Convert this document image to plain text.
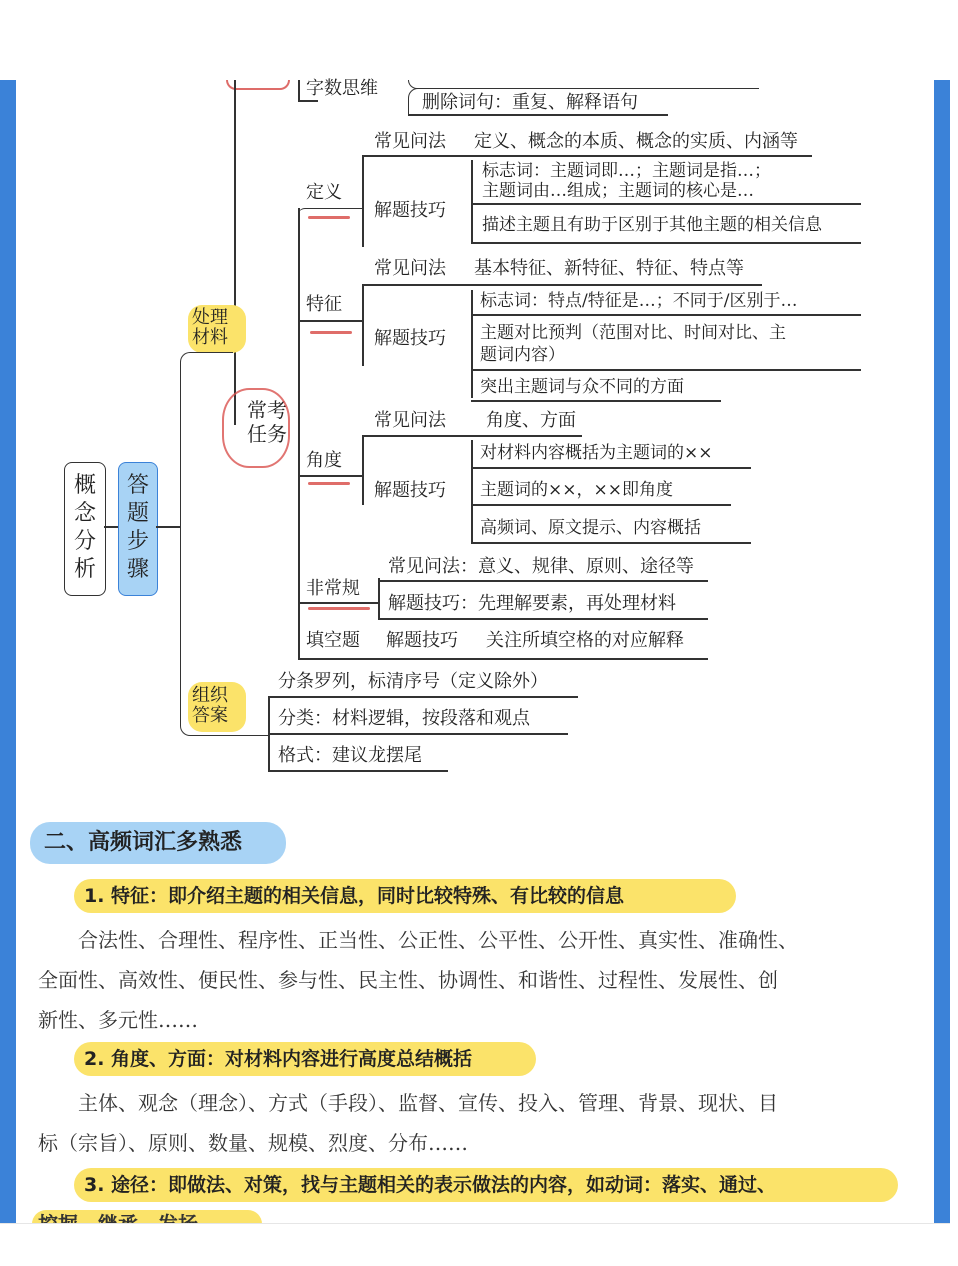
字数思维
删除词句：重复、解释语句
定义
常见问法 定义、概念的本质、概念的实质、内涵等
解题技巧
标志词：主题词即…；主题词是指…；
主题词由…组成；主题词的核心是…
描述主题且有助于区别于其他主题的相关信息
特征
常见问法 基本特征、新特征、特征、特点等
解题技巧
标志词：特点/特征是…；不同于/区别于…
主题对比预判（范围对比、时间对比、主
题词内容）
突出主题词与众不同的方面
角度
常见问法 角度、方面
解题技巧
对材料内容概括为主题词的××
主题词的××，××即角度
高频词、原文提示、内容概括
非常规
常见问法：意义、规律、原则、途径等
解题技巧：先理解要素，再处理材料
填空题 解题技巧 关注所填空格的对应解释
常考任务
处理材料
组织答案
分条罗列，标清序号（定义除外）
分类：材料逻辑，按段落和观点
格式：建议龙摆尾
概念分析
答题步骤
二、高频词汇多熟悉
1. 特征：即介绍主题的相关信息，同时比较特殊、有比较的信息
合法性、合理性、程序性、正当性、公正性、公平性、公开性、真实性、准确性、
全面性、高效性、便民性、参与性、民主性、协调性、和谐性、过程性、发展性、创
新性、多元性……
2. 角度、方面：对材料内容进行高度总结概括
主体、观念（理念）、方式（手段）、监督、宣传、投入、管理、背景、现状、目
标（宗旨）、原则、数量、规模、烈度、分布……
3. 途径：即做法、对策，找与主题相关的表示做法的内容，如动词：落实、通过、
